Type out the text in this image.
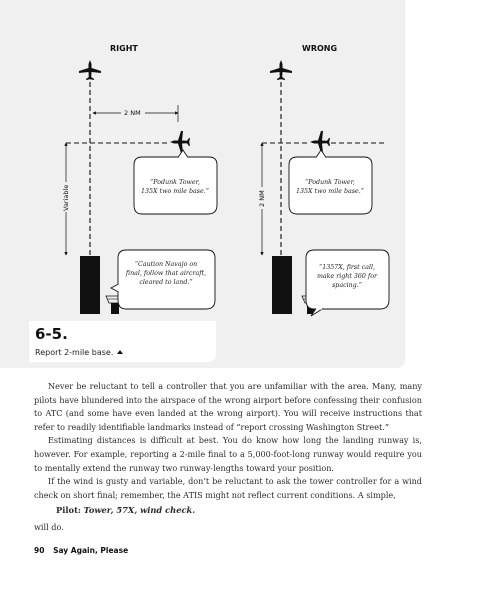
RIGHT
2 NM
Variable
“Podunk Tower,
135X two mile base.”
“Caution Navajo on
final, follow that aircraft,
cleared to land.”
WRONG
2 NM
“Podunk Tower,
135X two mile base.”
“1357X, first call,
make right 360 for
spacing.”
6-5.
Report 2-mile base.

Never be reluctant to tell a controller that you are unfamiliar with the area. Many, many pilots have blundered into the airspace of the wrong airport before confessing their confusion to ATC (and some have even landed at the wrong airport). You will receive instructions that refer to readily identifiable landmarks instead of “report crossing Washington Street.”

Estimating distances is difficult at best. You do know how long the landing runway is, however. For example, reporting a 2-mile final to a 5,000-foot-long runway would require you to mentally extend the runway two runway-lengths toward your position.

If the wind is gusty and variable, don’t be reluctant to ask the tower controller for a wind check on short final; remember, the ATIS might not reflect current conditions. A simple,

Pilot: Tower, 57X, wind check.

will do.

90 Say Again, Please
